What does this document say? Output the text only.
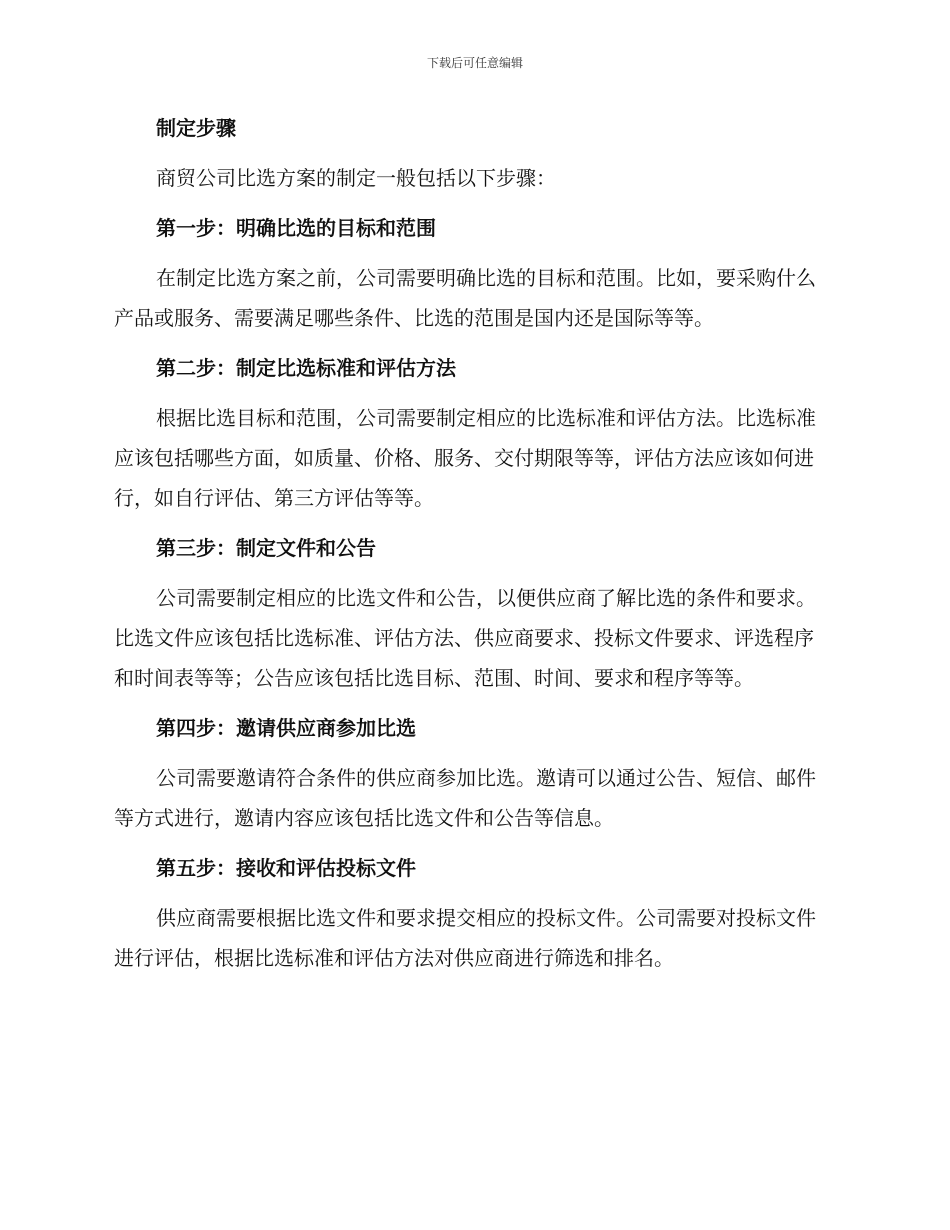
下载后可任意编辑
制定步骤

商贸公司比选方案的制定一般包括以下步骤：

第一步：明确比选的目标和范围

在制定比选方案之前，公司需要明确比选的目标和范围。比如，要采购什么产品或服务、需要满足哪些条件、比选的范围是国内还是国际等等。

第二步：制定比选标准和评估方法

根据比选目标和范围，公司需要制定相应的比选标准和评估方法。比选标准应该包括哪些方面，如质量、价格、服务、交付期限等等，评估方法应该如何进行，如自行评估、第三方评估等等。

第三步：制定文件和公告

公司需要制定相应的比选文件和公告，以便供应商了解比选的条件和要求。比选文件应该包括比选标准、评估方法、供应商要求、投标文件要求、评选程序和时间表等等；公告应该包括比选目标、范围、时间、要求和程序等等。

第四步：邀请供应商参加比选

公司需要邀请符合条件的供应商参加比选。邀请可以通过公告、短信、邮件等方式进行，邀请内容应该包括比选文件和公告等信息。

第五步：接收和评估投标文件

供应商需要根据比选文件和要求提交相应的投标文件。公司需要对投标文件进行评估，根据比选标准和评估方法对供应商进行筛选和排名。
